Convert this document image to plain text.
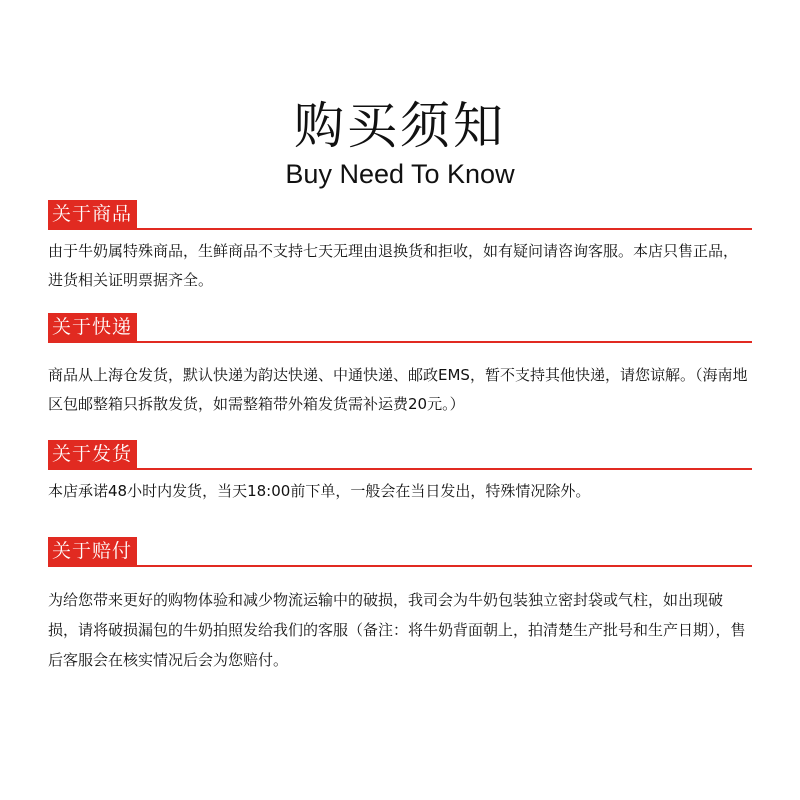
购买须知
Buy Need To Know
关于商品
由于牛奶属特殊商品，生鲜商品不支持七天无理由退换货和拒收，如有疑问请咨询客服。本店只售正品，进货相关证明票据齐全。
关于快递
商品从上海仓发货，默认快递为韵达快递、中通快递、邮政EMS，暂不支持其他快递，请您谅解。（海南地区包邮整箱只拆散发货，如需整箱带外箱发货需补运费20元。）
关于发货
本店承诺48小时内发货，当天18:00前下单，一般会在当日发出，特殊情况除外。
关于赔付
为给您带来更好的购物体验和减少物流运输中的破损，我司会为牛奶包装独立密封袋或气柱，如出现破损，请将破损漏包的牛奶拍照发给我们的客服（备注：将牛奶背面朝上，拍清楚生产批号和生产日期），售后客服会在核实情况后会为您赔付。
